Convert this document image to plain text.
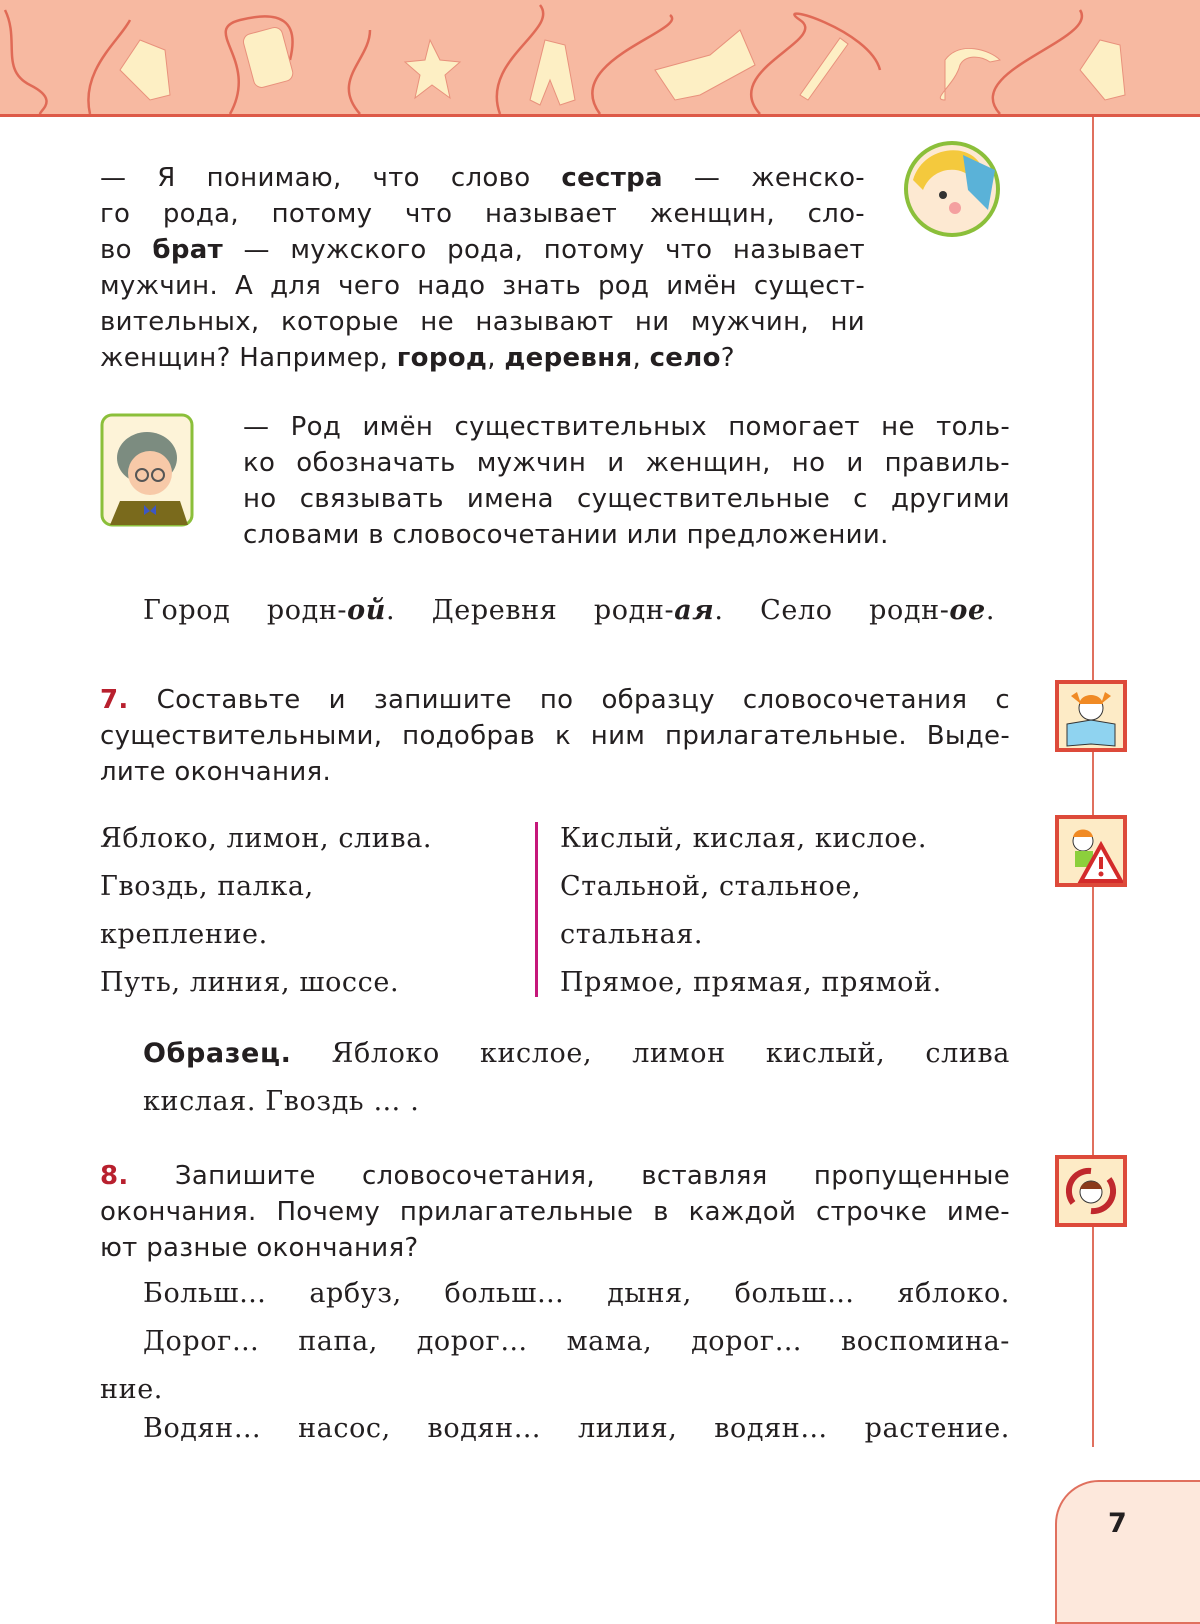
— Я понимаю, что слово сестра — женско-
го рода, потому что называет женщин, сло-
во брат — мужского рода, потому что называет
мужчин. А для чего надо знать род имён сущест-
вительных, которые не называют ни мужчин, ни
женщин? Например, город, деревня, село?
— Род имён существительных помогает не толь-
ко обозначать мужчин и женщин, но и правиль-
но связывать имена существительные с другими
словами в словосочетании или предложении.
Город родн-ой. Деревня родн-ая. Село родн-ое.
7. Составьте и запишите по образцу словосочетания с
существительными, подобрав к ним прилагательные. Выде-
лите окончания.
Яблоко, лимон, слива.
Гвоздь, палка,
крепление.
Путь, линия, шоссе.
Кислый, кислая, кислое.
Стальной, стальное,
стальная.
Прямое, прямая, прямой.
Образец. Яблоко кислое, лимон кислый, слива
кислая. Гвоздь … .
8. Запишите словосочетания, вставляя пропущенные
окончания. Почему прилагательные в каждой строчке име-
ют разные окончания?
Больш… арбуз, больш… дыня, больш… яблоко.
Дорог… папа, дорог… мама, дорог… воспомина-
ние.
Водян… насос, водян… лилия, водян… растение.
7
